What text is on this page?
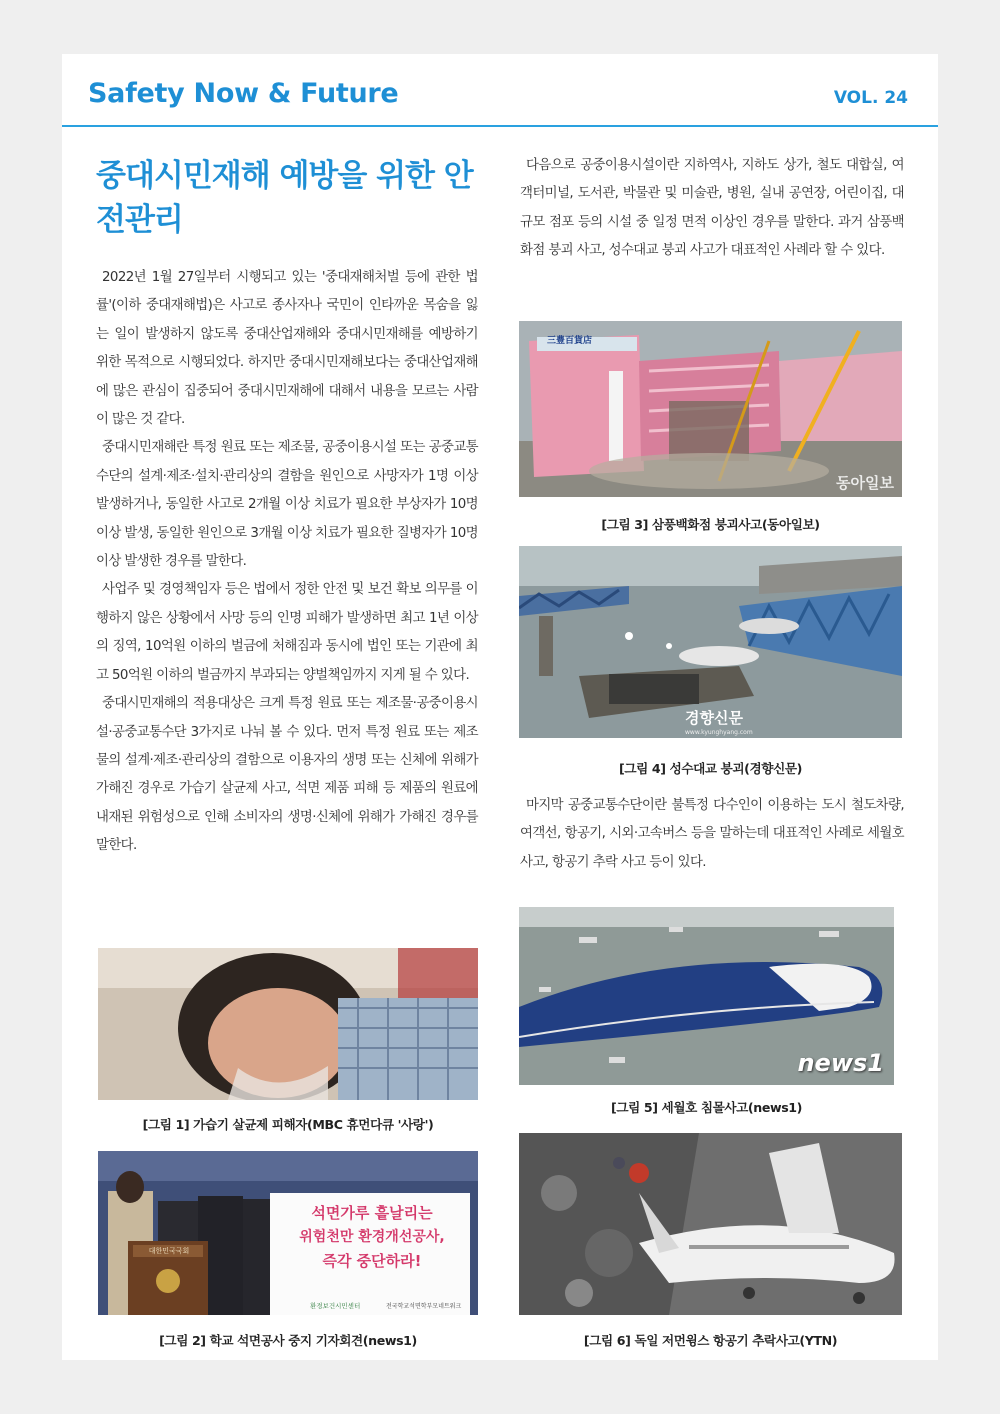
Safety Now & Future	VOL. 24
중대시민재해 예방을 위한 안전관리

2022년 1월 27일부터 시행되고 있는 '중대재해처벌 등에 관한 법률'(이하 중대재해법)은 사고로 종사자나 국민이 인타까운 목숨을 잃는 일이 발생하지 않도록 중대산업재해와 중대시민재해를 예방하기 위한 목적으로 시행되었다. 하지만 중대시민재해보다는 중대산업재해에 많은 관심이 집중되어 중대시민재해에 대해서 내용을 모르는 사람이 많은 것 같다.

중대시민재해란 특정 원료 또는 제조물, 공중이용시설 또는 공중교통수단의 설계·제조·설치·관리상의 결함을 원인으로 사망자가 1명 이상 발생하거나, 동일한 사고로 2개월 이상 치료가 필요한 부상자가 10명 이상 발생, 동일한 원인으로 3개월 이상 치료가 필요한 질병자가 10명 이상 발생한 경우를 말한다.

사업주 및 경영책임자 등은 법에서 정한 안전 및 보건 확보 의무를 이행하지 않은 상황에서 사망 등의 인명 피해가 발생하면 최고 1년 이상의 징역, 10억원 이하의 벌금에 처해짐과 동시에 법인 또는 기관에 최고 50억원 이하의 벌금까지 부과되는 양벌책임까지 지게 될 수 있다.

중대시민재해의 적용대상은 크게 특정 원료 또는 제조물·공중이용시설·공중교통수단 3가지로 나눠 볼 수 있다. 먼저 특정 원료 또는 제조물의 설계·제조·관리상의 결함으로 이용자의 생명 또는 신체에 위해가 가해진 경우로 가습기 살균제 사고, 석면 제품 피해 등 제품의 원료에 내재된 위험성으로 인해 소비자의 생명·신체에 위해가 가해진 경우를 말한다.

다음으로 공중이용시설이란 지하역사, 지하도 상가, 철도 대합실, 여객터미널, 도서관, 박물관 및 미술관, 병원, 실내 공연장, 어린이집, 대규모 점포 등의 시설 중 일정 면적 이상인 경우를 말한다. 과거 삼풍백화점 붕괴 사고, 성수대교 붕괴 사고가 대표적인 사례라 할 수 있다.

[그림 1] 가습기 살균제 피해자(MBC 휴먼다큐 '사랑')
대한민국국회
석면가루 흩날리는
위험천만 환경개선공사,
즉각 중단하라!
환경보건시민센터	전국학교석면학부모네트워크
[그림 2] 학교 석면공사 중지 기자회견(news1)
三豊百貨店
동아일보
[그림 3] 삼풍백화점 붕괴사고(동아일보)
경향신문
www.kyunghyang.com
[그림 4] 성수대교 붕괴(경향신문)

마지막 공중교통수단이란 불특정 다수인이 이용하는 도시 철도차량, 여객선, 항공기, 시외·고속버스 등을 말하는데 대표적인 사례로 세월호 사고, 항공기 추락 사고 등이 있다.

news1
[그림 5] 세월호 침몰사고(news1)
[그림 6] 독일 저먼윙스 항공기 추락사고(YTN)
